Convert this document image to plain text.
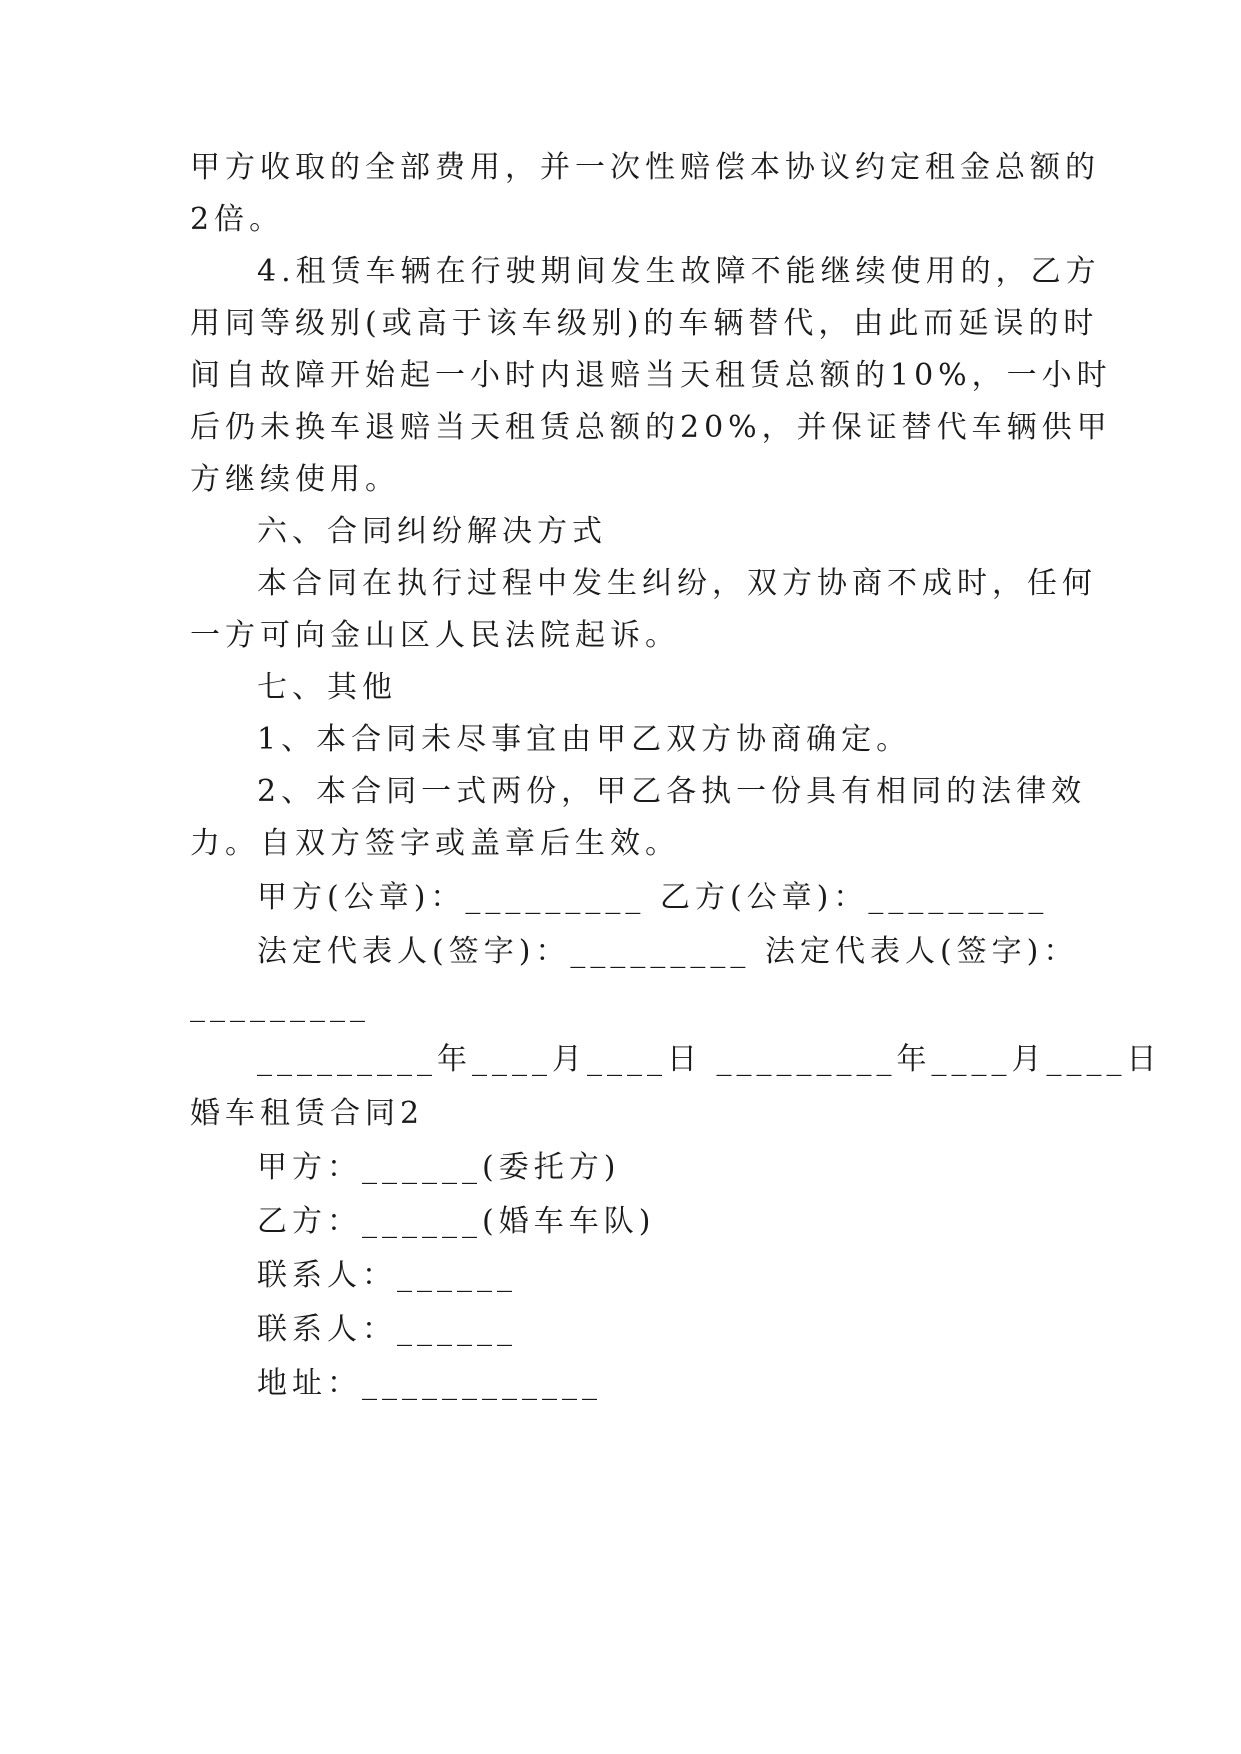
甲方收取的全部费用，并一次性赔偿本协议约定租金总额的
2倍。
4.租赁车辆在行驶期间发生故障不能继续使用的，乙方
用同等级别(或高于该车级别)的车辆替代，由此而延误的时
间自故障开始起一小时内退赔当天租赁总额的10%，一小时
后仍未换车退赔当天租赁总额的20%，并保证替代车辆供甲
方继续使用。
六、合同纠纷解决方式
本合同在执行过程中发生纠纷，双方协商不成时，任何
一方可向金山区人民法院起诉。
七、其他
1、本合同未尽事宜由甲乙双方协商确定。
2、本合同一式两份，甲乙各执一份具有相同的法律效
力。自双方签字或盖章后生效。
甲方(公章)：_________ 乙方(公章)：_________
法定代表人(签字)：_________ 法定代表人(签字)：
_________
_________年____月____日 _________年____月____日
婚车租赁合同2
甲方：______(委托方)
乙方：______(婚车车队)
联系人：______
联系人：______
地址：____________
